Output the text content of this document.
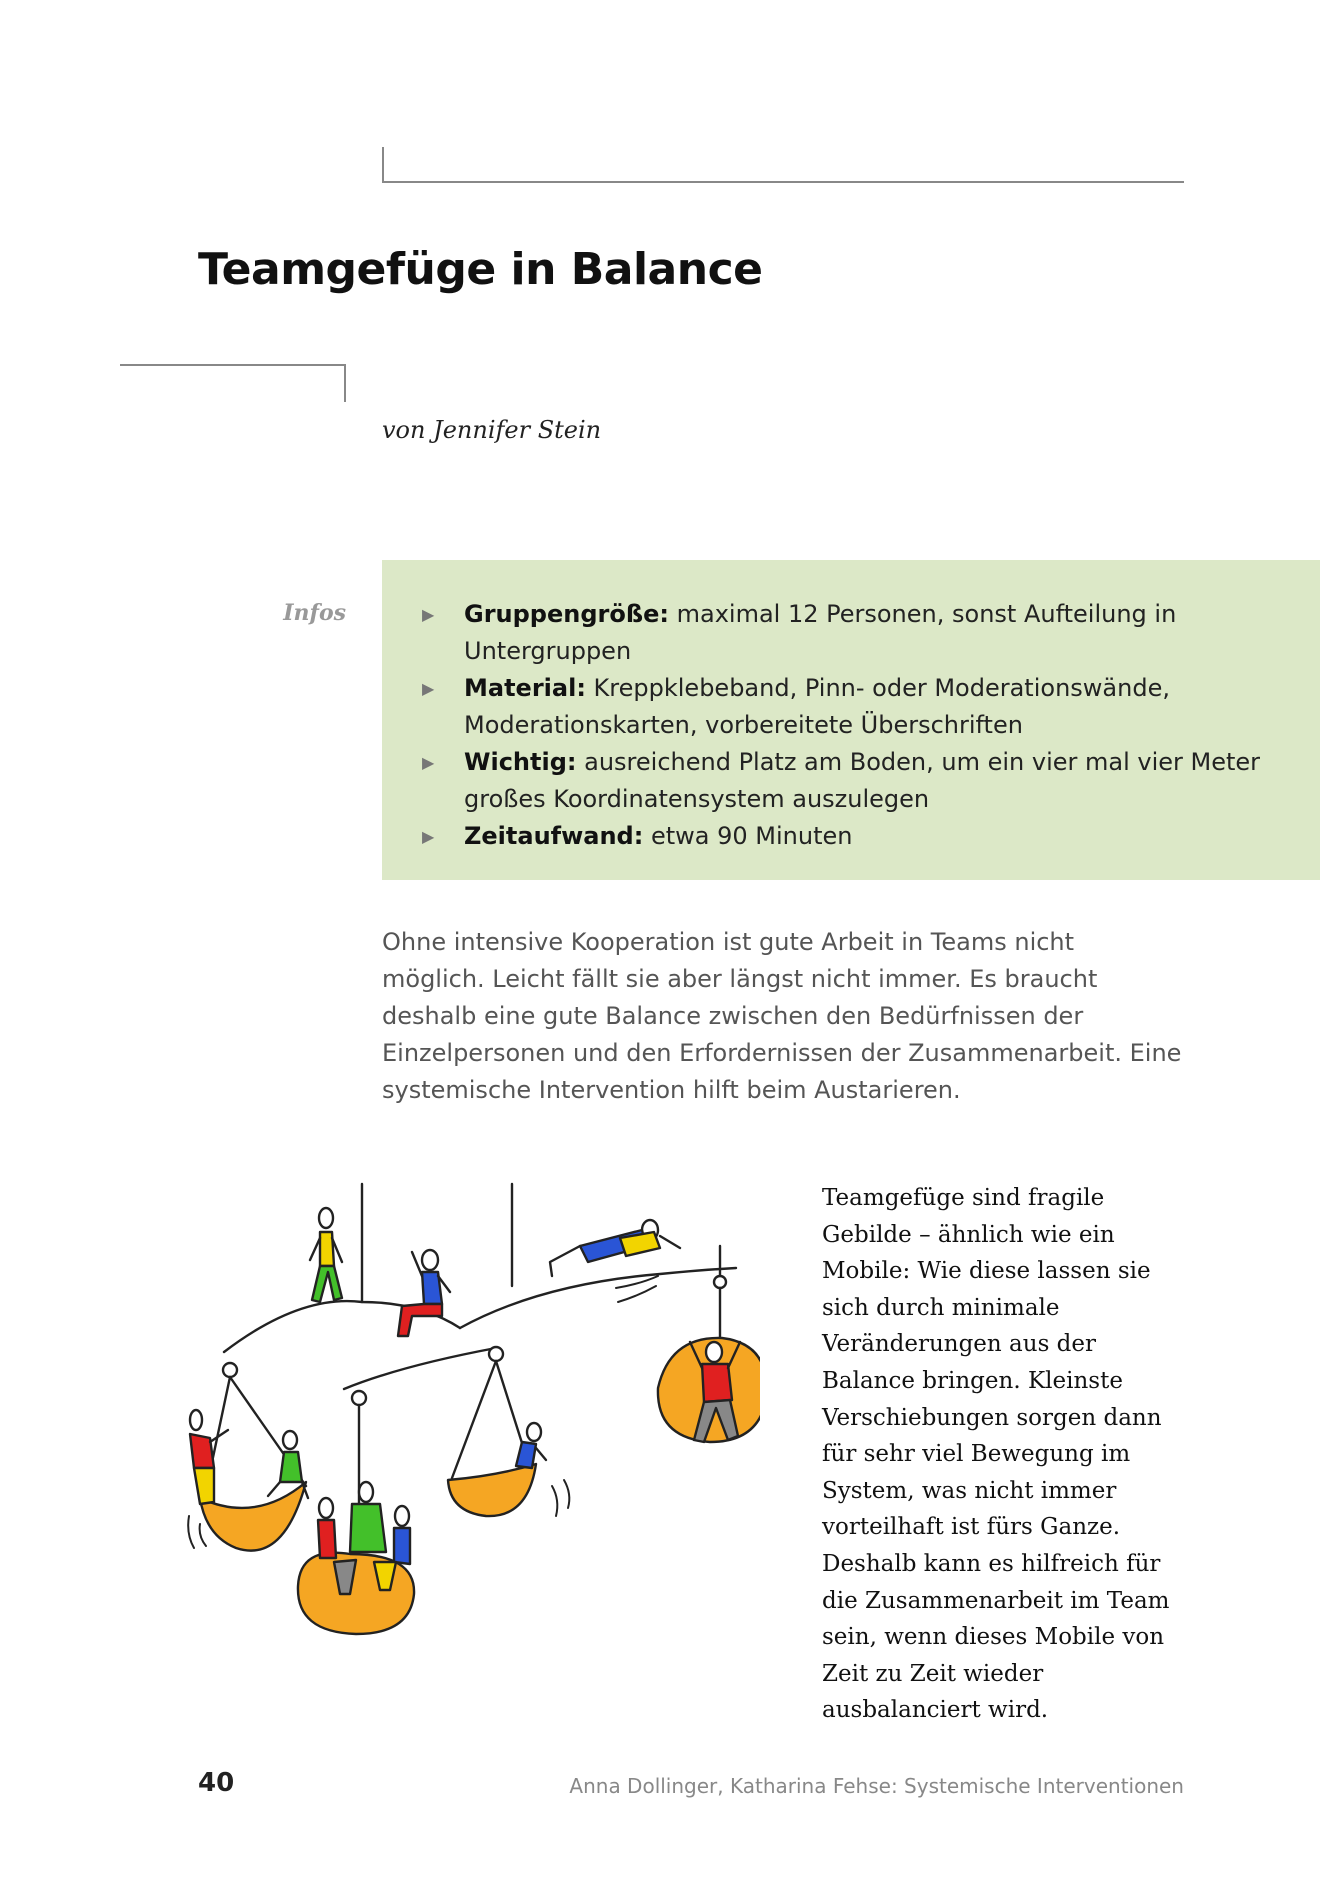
Teamgefüge in Balance
von Jennifer Stein
Infos	▶ Gruppengröße: maximal 12 Personen, sonst Aufteilung in Untergruppen
▶ Material: Kreppklebeband, Pinn- oder Moderationswände, Moderationskarten, vorbereitete Überschriften
▶ Wichtig: ausreichend Platz am Boden, um ein vier mal vier Meter großes Koordinatensystem auszulegen
▶ Zeitaufwand: etwa 90 Minuten

Ohne intensive Kooperation ist gute Arbeit in Teams nicht möglich. Leicht fällt sie aber längst nicht immer. Es braucht deshalb eine gute Balance zwischen den Bedürfnissen der Einzelpersonen und den Erfordernissen der Zusammenarbeit. Eine systemische Intervention hilft beim Austarieren.

Teamgefüge sind fragile Gebilde – ähnlich wie ein Mobile: Wie diese lassen sie sich durch minimale Veränderungen aus der Balance bringen. Kleinste Verschiebungen sorgen dann für sehr viel Bewegung im System, was nicht immer vorteilhaft ist fürs Ganze. Deshalb kann es hilfreich für die Zusammenarbeit im Team sein, wenn dieses Mobile von Zeit zu Zeit wieder ausbalanciert wird.

40	Anna Dollinger, Katharina Fehse: Systemische Interventionen
